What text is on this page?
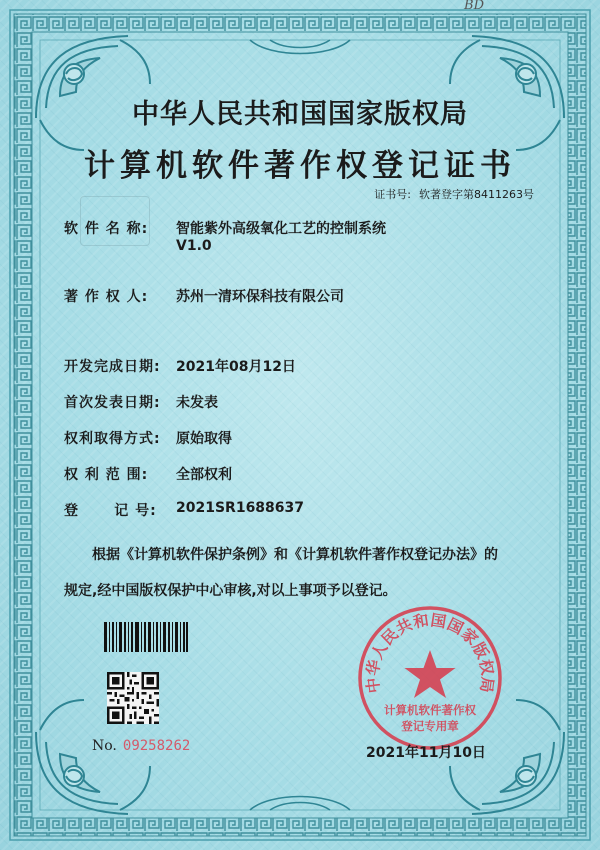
BD
中华人民共和国国家版权局
计算机软件著作权登记证书
证书号: 软著登字第8411263号
软 件 名 称: 智能紫外高级氧化工艺的控制系统
V1.0
著 作 权 人: 苏州一清环保科技有限公司
开发完成日期: 2021年08月12日
首次发表日期: 未发表
权利取得方式: 原始取得
权 利 范 围: 全部权利
登      记 号: 2021SR1688637
根据《计算机软件保护条例》和《计算机软件著作权登记办法》的
规定,经中国版权保护中心审核,对以上事项予以登记。
No. 09258262
中华人民共和国国家版权局
计算机软件著作权
登记专用章
2021年11月10日
